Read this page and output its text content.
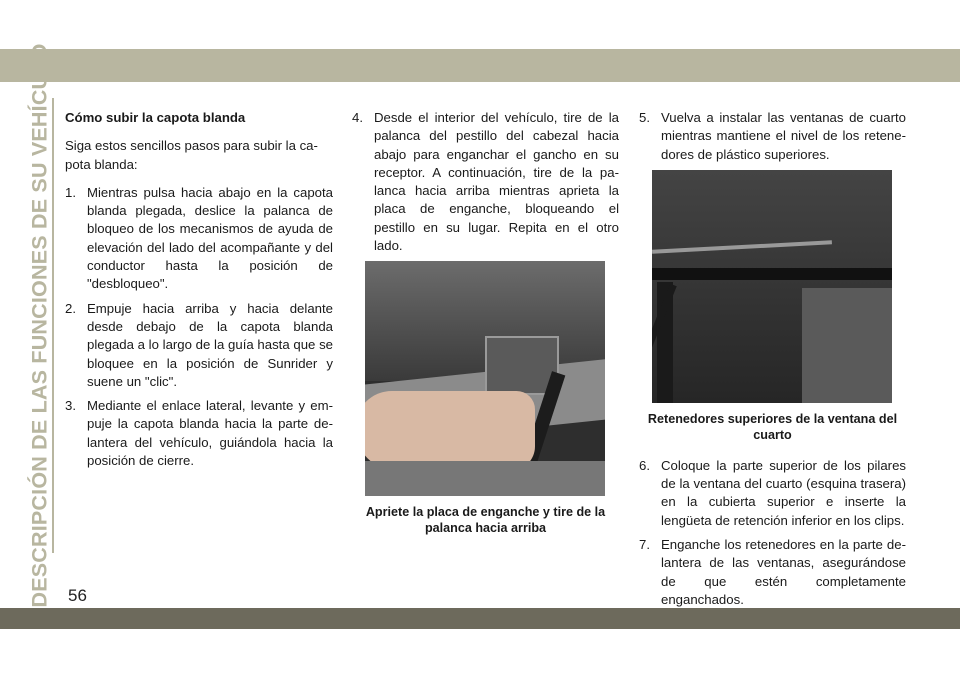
DESCRIPCIÓN DE LAS FUNCIONES DE SU VEHÍCULO Cómo subir la capota blanda
Siga estos sencillos pasos para subir la ca-pota blanda:
1. Mientras pulsa hacia abajo en la capota blanda plegada, deslice la palanca de bloqueo de los mecanismos de ayuda de elevación del lado del acompañante y del conductor hasta la posición de "desbloqueo".
2. Empuje hacia arriba y hacia delante desde debajo de la capota blanda plegada a lo largo de la guía hasta que se bloquee en la posición de Sunrider y suene un "clic".
3. Mediante el enlace lateral, levante y em-puje la capota blanda hacia la parte de-lantera del vehículo, guiándola hacia la posición de cierre.
4. Desde el interior del vehículo, tire de la palanca del pestillo del cabezal hacia abajo para enganchar el gancho en su receptor. A continuación, tire de la pa-lanca hacia arriba mientras aprieta la placa de enganche, bloqueando el pestillo en su lugar. Repita en el otro lado.
Apriete la placa de enganche y tire de la palanca hacia arriba
5. Vuelva a instalar las ventanas de cuarto mientras mantiene el nivel de los retene-dores de plástico superiores.
Retenedores superiores de la ventana del cuarto
6. Coloque la parte superior de los pilares de la ventana del cuarto (esquina trasera) en la cubierta superior e inserte la lengüeta de retención inferior en los clips.
7. Enganche los retenedores en la parte de-lantera de las ventanas, asegurándose de que estén completamente enganchados.
56
